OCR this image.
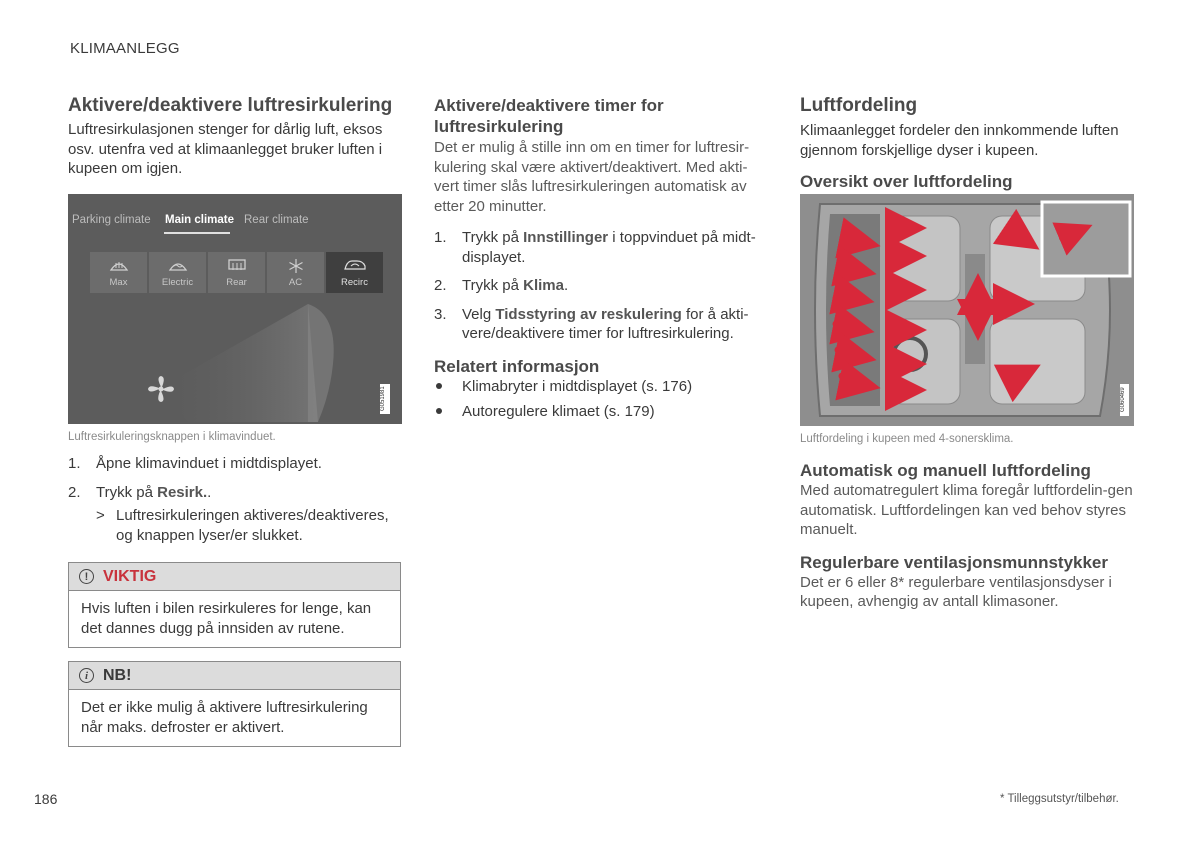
KLIMAANLEGG
Aktivere/deaktivere luftresirkulering

Luftresirkulasjonen stenger for dårlig luft, eksos osv. utenfra ved at klimaanlegget bruker luften i kupeen om igjen.

Parking climate Main climate Rear climate
Max	Electric	Rear	AC	Recirc
G051981
Luftresirkuleringsknappen i klimavinduet.
1. Åpne klimavinduet i midtdisplayet.
2. Trykk på Resirk..
> Luftresirkuleringen aktiveres/deaktiveres, og knappen lyser/er slukket.
! VIKTIG
Hvis luften i bilen resirkuleres for lenge, kan det dannes dugg på innsiden av rutene.
i NB!
Det er ikke mulig å aktivere luftresirkulering når maks. defroster er aktivert.
Aktivere/deaktivere timer for luftresirkulering

Det er mulig å stille inn om en timer for luftresir-kulering skal være aktivert/deaktivert. Med akti-vert timer slås luftresirkuleringen automatisk av etter 20 minutter.

1. Trykk på Innstillinger i toppvinduet på midt-displayet.
2. Trykk på Klima.
3. Velg Tidsstyring av reskulering for å akti-vere/deaktivere timer for luftresirkulering.
Relatert informasjon
Klimabryter i midtdisplayet (s. 176)
Autoregulere klimaet (s. 179)
Luftfordeling

Klimaanlegget fordeler den innkommende luften gjennom forskjellige dyser i kupeen.

Oversikt over luftfordeling
G060469
Luftfordeling i kupeen med 4-sonersklima.
Automatisk og manuell luftfordeling

Med automatregulert klima foregår luftfordelin-gen automatisk. Luftfordelingen kan ved behov styres manuelt.

Regulerbare ventilasjonsmunnstykker

Det er 6 eller 8* regulerbare ventilasjonsdyser i kupeen, avhengig av antall klimasoner.

186	* Tilleggsutstyr/tilbehør.
